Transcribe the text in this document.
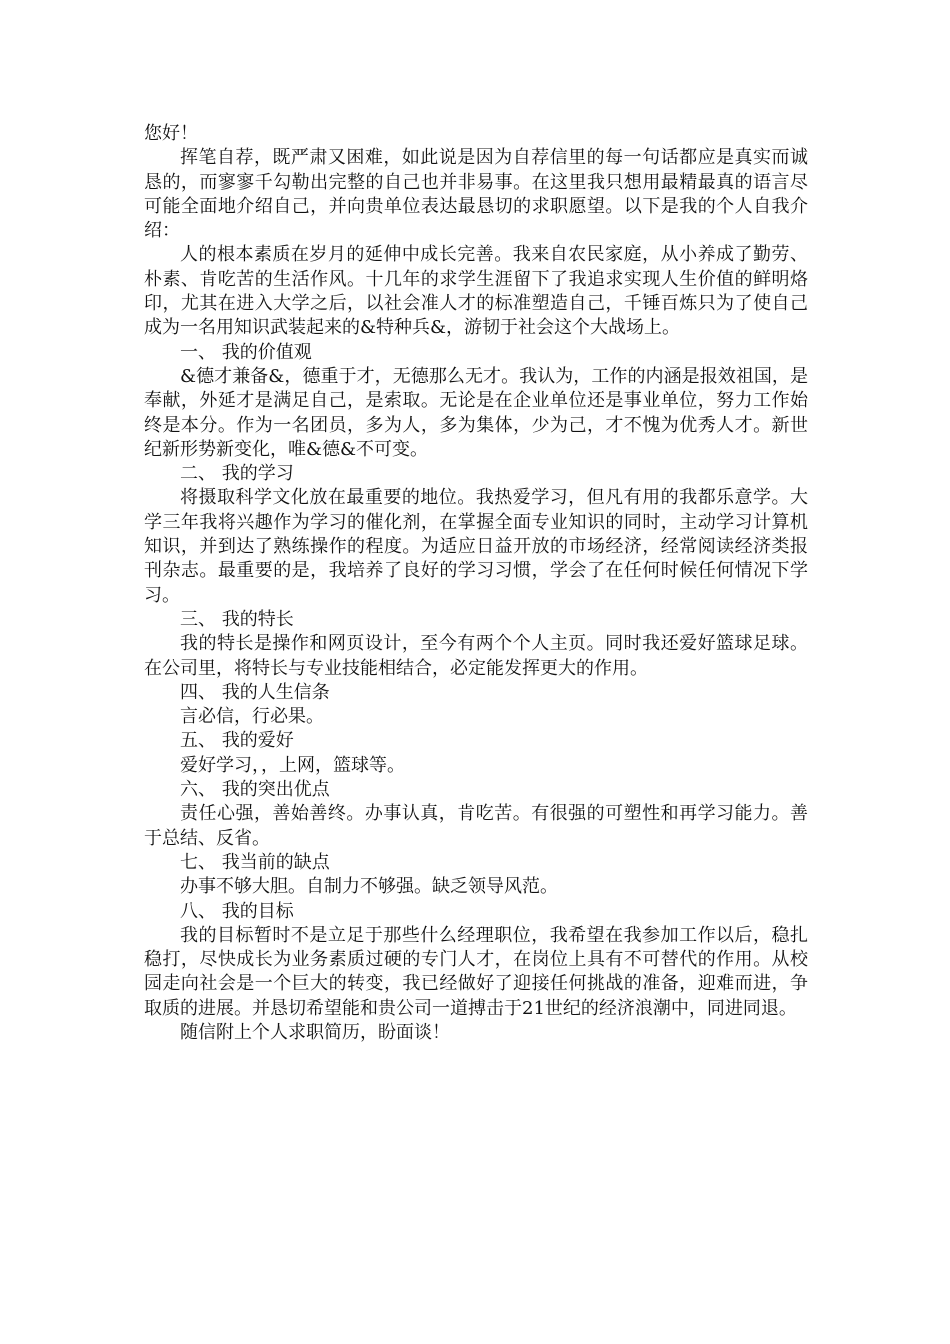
您好！

挥笔自荐，既严肃又困难，如此说是因为自荐信里的每一句话都应是真实而诚恳的，而寥寥千勾勒出完整的自己也并非易事。在这里我只想用最精最真的语言尽可能全面地介绍自己，并向贵单位表达最恳切的求职愿望。以下是我的个人自我介绍：

人的根本素质在岁月的延伸中成长完善。我来自农民家庭，从小养成了勤劳、朴素、肯吃苦的生活作风。十几年的求学生涯留下了我追求实现人生价值的鲜明烙印，尤其在进入大学之后，以社会准人才的标准塑造自己，千锤百炼只为了使自己成为一名用知识武装起来的&特种兵&，游韧于社会这个大战场上。

一、 我的价值观

&德才兼备&，德重于才，无德那么无才。我认为，工作的内涵是报效祖国，是奉献，外延才是满足自己，是索取。无论是在企业单位还是事业单位，努力工作始终是本分。作为一名团员，多为人，多为集体，少为己，才不愧为优秀人才。新世纪新形势新变化，唯&德&不可变。

二、 我的学习

将摄取科学文化放在最重要的地位。我热爱学习，但凡有用的我都乐意学。大学三年我将兴趣作为学习的催化剂，在掌握全面专业知识的同时，主动学习计算机知识，并到达了熟练操作的程度。为适应日益开放的市场经济，经常阅读经济类报刊杂志。最重要的是，我培养了良好的学习习惯，学会了在任何时候任何情况下学习。

三、 我的特长

我的特长是操作和网页设计，至今有两个个人主页。同时我还爱好篮球足球。在公司里，将特长与专业技能相结合，必定能发挥更大的作用。

四、 我的人生信条

言必信，行必果。

五、 我的爱好

爱好学习，，上网，篮球等。

六、 我的突出优点

责任心强，善始善终。办事认真，肯吃苦。有很强的可塑性和再学习能力。善于总结、反省。

七、 我当前的缺点

办事不够大胆。自制力不够强。缺乏领导风范。

八、 我的目标

我的目标暂时不是立足于那些什么经理职位，我希望在我参加工作以后，稳扎稳打，尽快成长为业务素质过硬的专门人才，在岗位上具有不可替代的作用。从校园走向社会是一个巨大的转变，我已经做好了迎接任何挑战的准备，迎难而进，争取质的进展。并恳切希望能和贵公司一道搏击于21世纪的经济浪潮中，同进同退。

随信附上个人求职简历，盼面谈！
